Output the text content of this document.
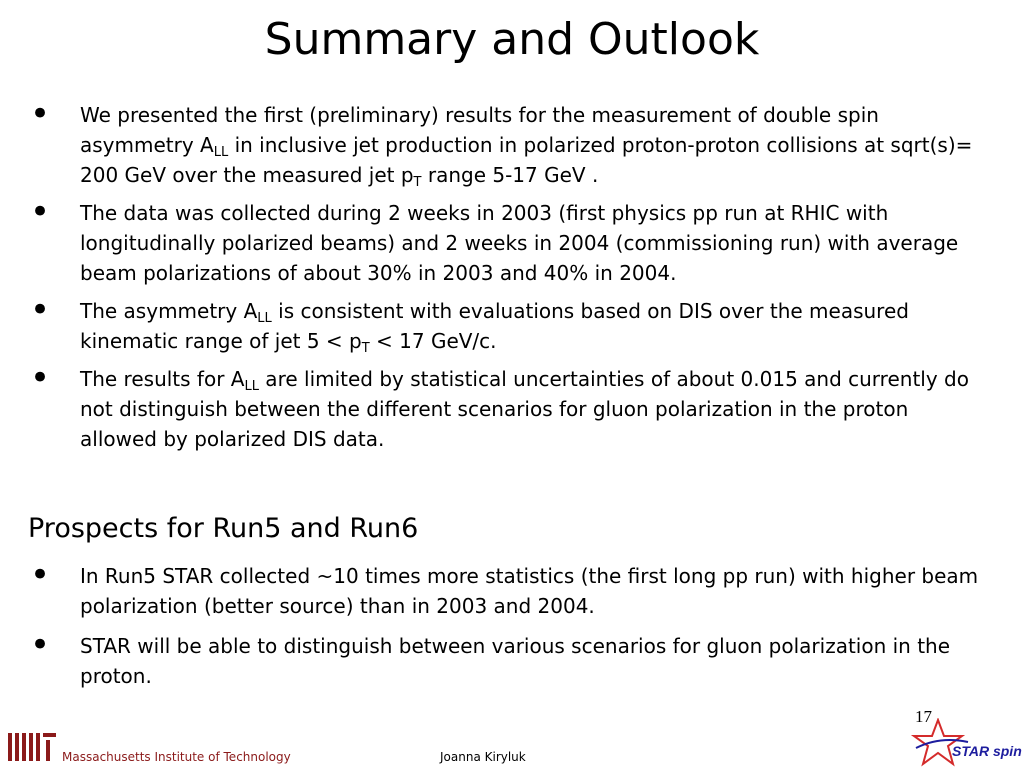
Summary and Outlook
• We presented the first (preliminary) results for the measurement of double spin asymmetry $A_{LL}$ in inclusive jet production in polarized proton-proton collisions at sqrt(s)= 200 GeV over the measured jet $p_T$ range 5-17 GeV .
• The data was collected during 2 weeks in 2003 (first physics pp run at RHIC with longitudinally polarized beams) and 2 weeks in 2004 (commissioning run) with average beam polarizations of about 30% in 2003 and 40% in 2004.
• The asymmetry $A_{LL}$ is consistent with evaluations based on DIS over the measured kinematic range of jet $5 < p_T < 17$ GeV/c.
• The results for $A_{LL}$ are limited by statistical uncertainties of about 0.015 and currently do not distinguish between the different scenarios for gluon polarization in the proton allowed by polarized DIS data.
Prospects for Run5 and Run6
• In Run5 STAR collected ~10 times more statistics (the first long pp run) with higher beam polarization (better source) than in 2003 and 2004.
• STAR will be able to distinguish between various scenarios for gluon polarization in the proton.
17
Massachusetts Institute of Technology	Joanna Kiryluk	STAR spin
